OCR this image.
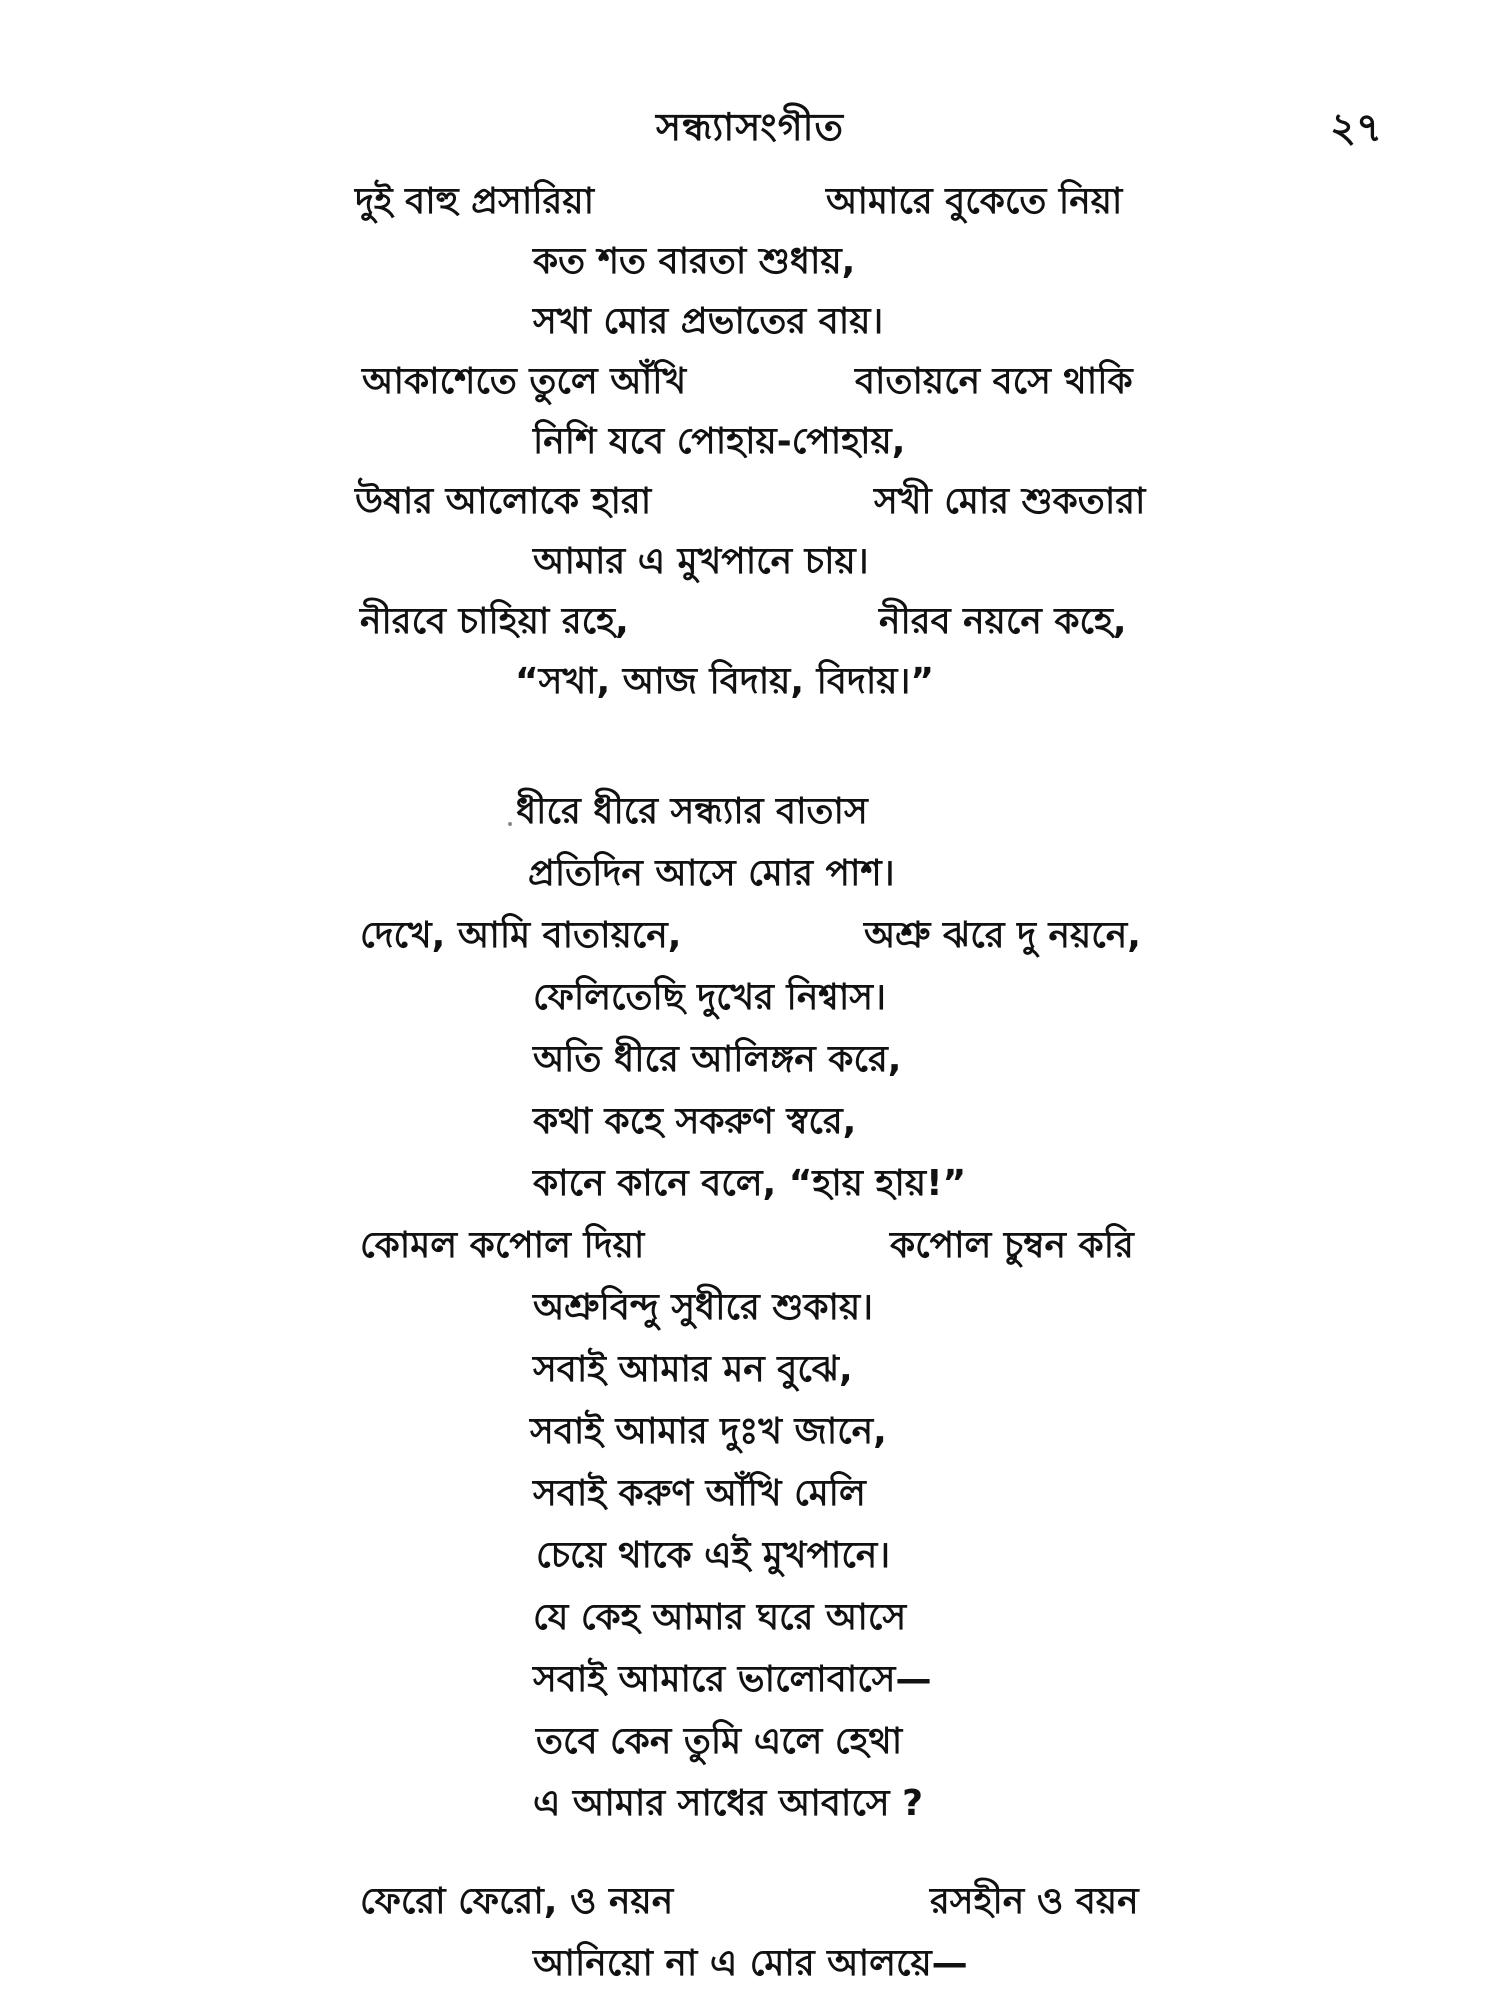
সন্ধ্যাসংগীত	২৭
দুই বাহু প্রসারিয়া	আমারে বুকেতে নিয়া
কত শত বারতা শুধায়,
সখা মোর প্রভাতের বায়।
আকাশেতে তুলে আঁখি	বাতায়নে বসে থাকি
নিশি যবে পোহায়-পোহায়,
উষার আলোকে হারা	সখী মোর শুকতারা
আমার এ মুখপানে চায়।
নীরবে চাহিয়া রহে,	নীরব নয়নে কহে,
“সখা, আজ বিদায়, বিদায়।”
ধীরে ধীরে সন্ধ্যার বাতাস
প্রতিদিন আসে মোর পাশ।
দেখে, আমি বাতায়নে,	অশ্রু ঝরে দু নয়নে,
ফেলিতেছি দুখের নিশ্বাস।
অতি ধীরে আলিঙ্গন করে,
কথা কহে সকরুণ স্বরে,
কানে কানে বলে, “হায় হায়!”
কোমল কপোল দিয়া	কপোল চুম্বন করি
অশ্রুবিন্দু সুধীরে শুকায়।
সবাই আমার মন বুঝে,
সবাই আমার দুঃখ জানে,
সবাই করুণ আঁখি মেলি
চেয়ে থাকে এই মুখপানে।
যে কেহ আমার ঘরে আসে
সবাই আমারে ভালোবাসে—
তবে কেন তুমি এলে হেথা
এ আমার সাধের আবাসে ?
ফেরো ফেরো, ও নয়ন	রসহীন ও বয়ন
আনিয়ো না এ মোর আলয়ে—
